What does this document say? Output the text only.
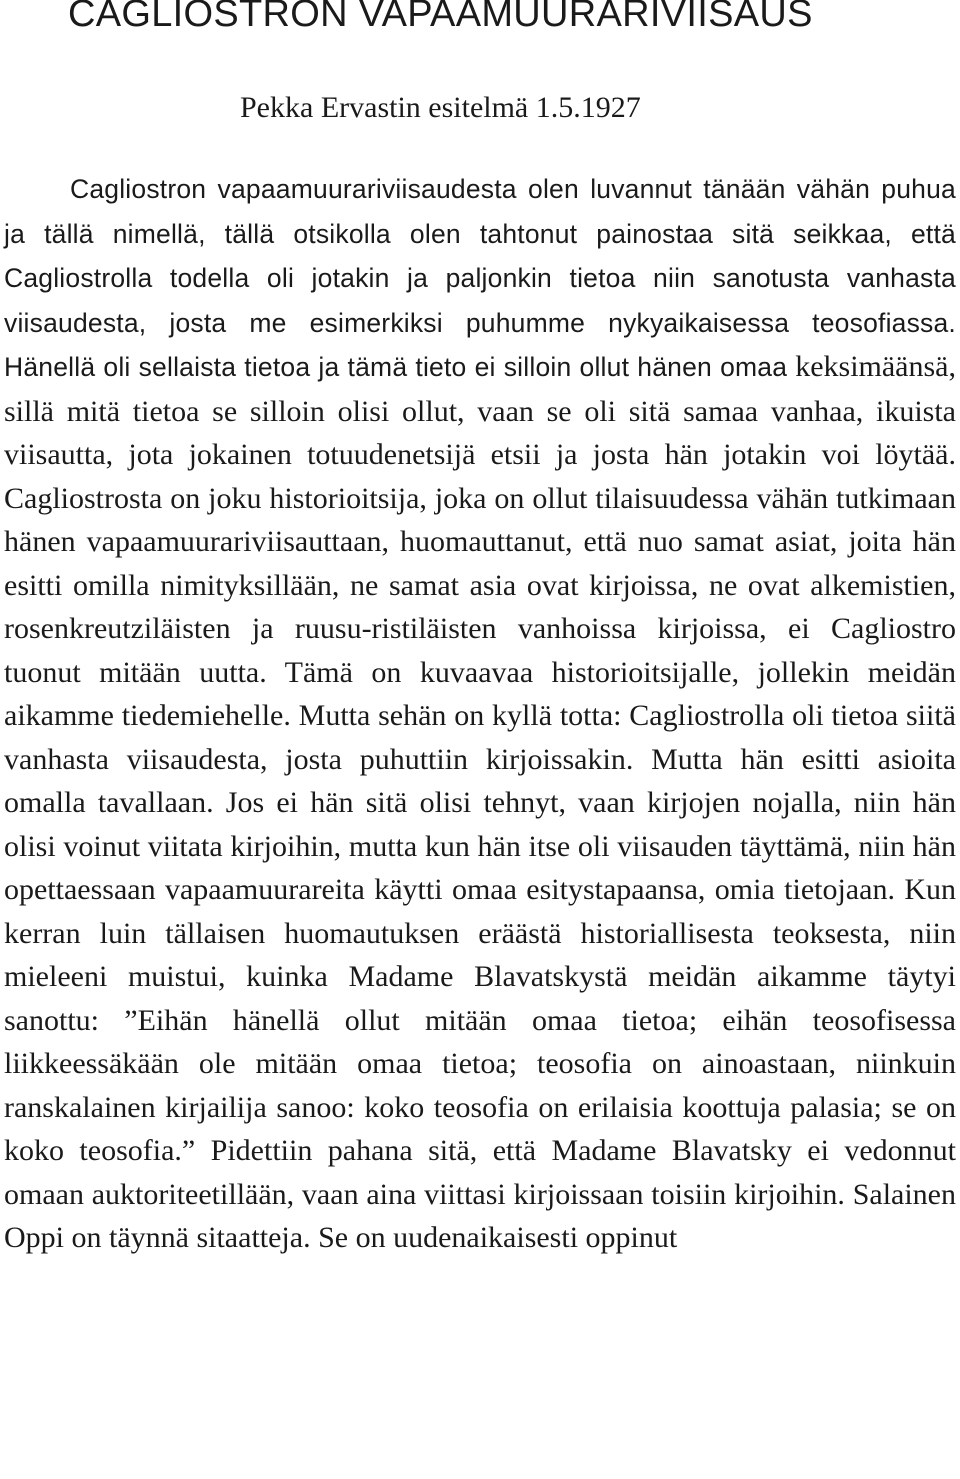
CAGLIOSTRON VAPAAMUURARIVIISAUS

Pekka Ervastin esitelmä 1.5.1927

Cagliostron vapaamuurariviisaudesta olen luvannut tänään vähän puhua ja tällä nimellä, tällä otsikolla olen tahtonut painostaa sitä seikkaa, että Cagliostrolla todella oli jotakin ja paljonkin tietoa niin sanotusta vanhasta viisaudesta, josta me esimerkiksi puhumme nykyaikaisessa teosofiassa. Hänellä oli sellaista tietoa ja tämä tieto ei silloin ollut hänen omaa keksimäänsä, sillä mitä tietoa se silloin olisi ollut, vaan se oli sitä samaa vanhaa, ikuista viisautta, jota jokainen totuudenetsijä etsii ja josta hän jotakin voi löytää. Cagliostrosta on joku historioitsija, joka on ollut tilaisuudessa vähän tutkimaan hänen vapaamuurariviisauttaan, huomauttanut, että nuo samat asiat, joita hän esitti omilla nimityksillään, ne samat asia ovat kirjoissa, ne ovat alkemistien, rosenkreutziläisten ja ruusu-ristiläisten vanhoissa kirjoissa, ei Cagliostro tuonut mitään uutta. Tämä on kuvaavaa historioitsijalle, jollekin meidän aikamme tiedemiehelle. Mutta sehän on kyllä totta: Cagliostrolla oli tietoa siitä vanhasta viisaudesta, josta puhuttiin kirjoissakin. Mutta hän esitti asioita omalla tavallaan. Jos ei hän sitä olisi tehnyt, vaan kirjojen nojalla, niin hän olisi voinut viitata kirjoihin, mutta kun hän itse oli viisauden täyttämä, niin hän opettaessaan vapaamuurareita käytti omaa esitystapaansa, omia tietojaan. Kun kerran luin tällaisen huomautuksen eräästä historiallisesta teoksesta, niin mieleeni muistui, kuinka Madame Blavatskystä meidän aikamme täytyi sanottu: ”Eihän hänellä ollut mitään omaa tietoa; eihän teosofisessa liikkeessäkään ole mitään omaa tietoa; teosofia on ainoastaan, niinkuin ranskalainen kirjailija sanoo: koko teosofia on erilaisia koottuja palasia; se on koko teosofia.” Pidettiin pahana sitä, että Madame Blavatsky ei vedonnut omaan auktoriteetillään, vaan aina viittasi kirjoissaan toisiin kirjoihin. Salainen Oppi on täynnä sitaatteja. Se on uudenaikaisesti oppinut
